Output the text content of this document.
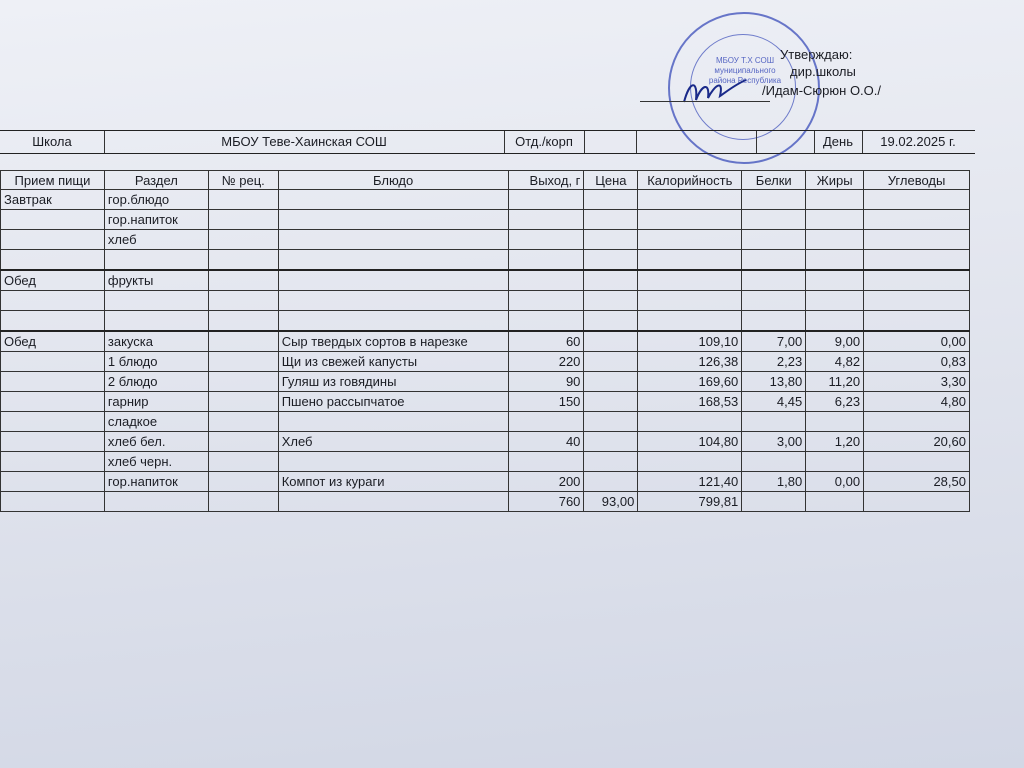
МБОУ Т.Х СОШ муниципального района Республика
Утверждаю:
дир.школы
/Идам-Сюрюн О.О./
Школа	МБОУ Теве-Хаинская СОШ	Отд./корп	День	19.02.2025 г.
Прием пищи	Раздел	№ рец.	Блюдо	Выход, г	Цена	Калорийность	Белки	Жиры	Углеводы
Завтрак	гор.блюдо								
	гор.напиток								
	хлеб								

Обед	фрукты								

Обед	закуска		Сыр твердых сортов в нарезке	60		109,10	7,00	9,00	0,00
	1 блюдо		Щи из свежей капусты	220		126,38	2,23	4,82	0,83
	2 блюдо		Гуляш из говядины	90		169,60	13,80	11,20	3,30
	гарнир		Пшено рассыпчатое	150		168,53	4,45	6,23	4,80
	сладкое								
	хлеб бел.		Хлеб	40		104,80	3,00	1,20	20,60
	хлеб черн.								
	гор.напиток		Компот из кураги	200		121,40	1,80	0,00	28,50
				760	93,00	799,81			
